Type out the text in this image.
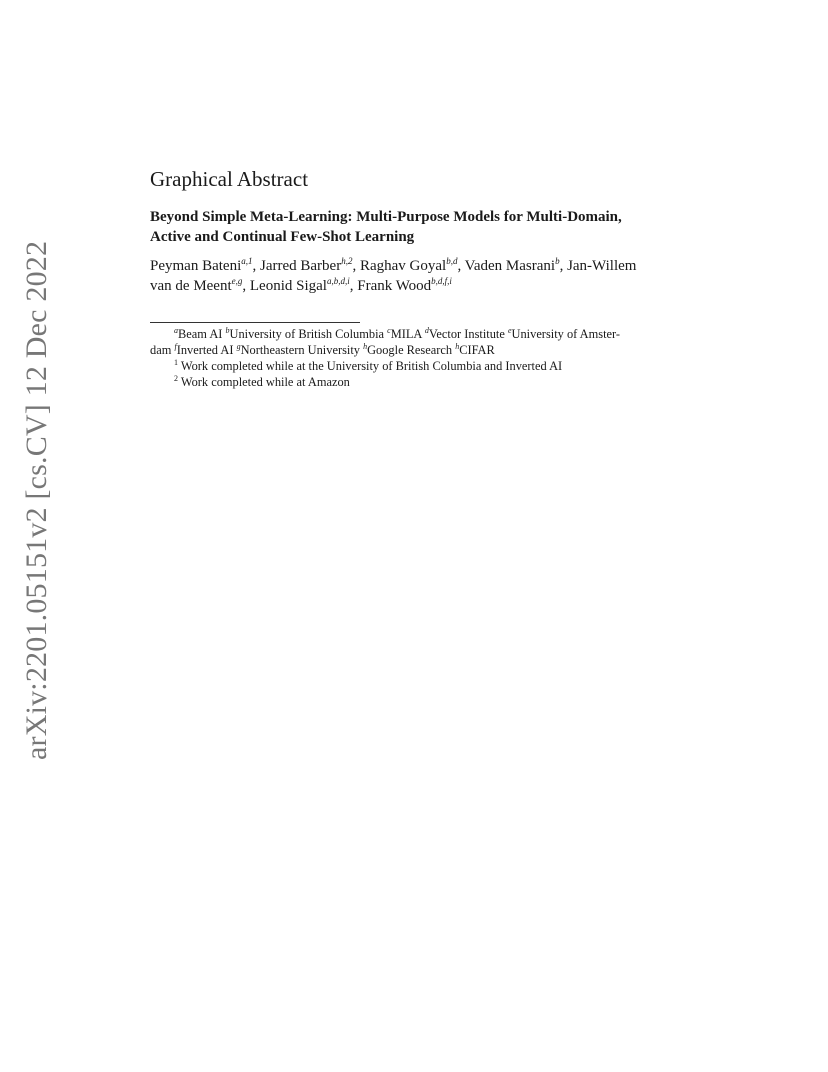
arXiv:2201.05151v2 [cs.CV] 12 Dec 2022
Graphical Abstract
Beyond Simple Meta-Learning: Multi-Purpose Models for Multi-Domain,
Active and Continual Few-Shot Learning
Peyman Bateni$^{a,1}$, Jarred Barber$^{h,2}$, Raghav Goyal$^{b,d}$, Vaden Masrani$^b$, Jan-Willem
van de Meent$^{e,g}$, Leonid Sigal$^{a,b,d,i}$, Frank Wood$^{b,d,f,i}$
$^a$Beam AI $^b$University of British Columbia $^c$MILA $^d$Vector Institute $^e$University of Amster-
dam $^f$Inverted AI $^g$Northeastern University $^h$Google Research $^h$CIFAR
$^1$ Work completed while at the University of British Columbia and Inverted AI
$^2$ Work completed while at Amazon
